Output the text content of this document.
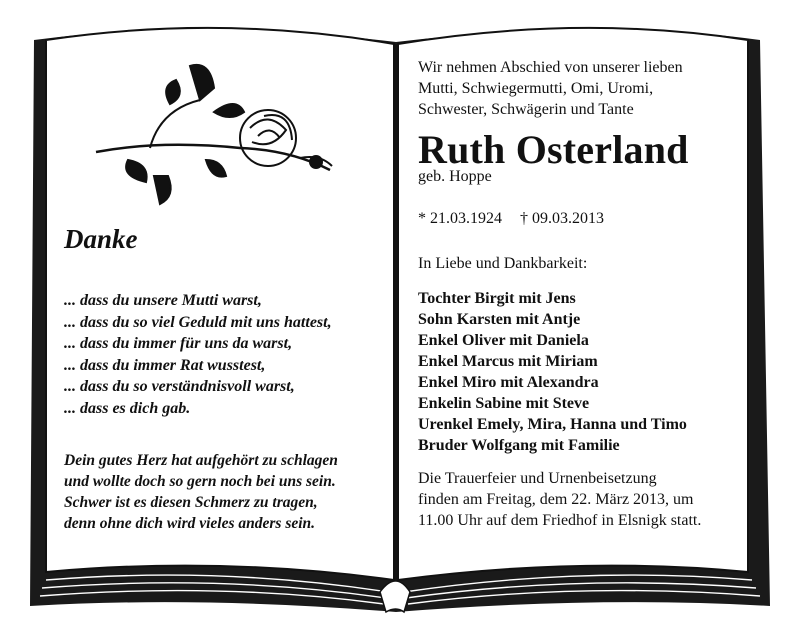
Danke
... dass du unsere Mutti warst,
... dass du so viel Geduld mit uns hattest,
... dass du immer für uns da warst,
... dass du immer Rat wusstest,
... dass du so verständnisvoll warst,
... dass es dich gab.
Dein gutes Herz hat aufgehört zu schlagen
und wollte doch so gern noch bei uns sein.
Schwer ist es diesen Schmerz zu tragen,
denn ohne dich wird vieles anders sein.
Wir nehmen Abschied von unserer lieben
Mutti, Schwiegermutti, Omi, Uromi,
Schwester, Schwägerin und Tante
Ruth Osterland
geb. Hoppe
* 21.03.1924 † 09.03.2013
In Liebe und Dankbarkeit:
Tochter Birgit mit Jens
Sohn Karsten mit Antje
Enkel Oliver mit Daniela
Enkel Marcus mit Miriam
Enkel Miro mit Alexandra
Enkelin Sabine mit Steve
Urenkel Emely, Mira, Hanna und Timo
Bruder Wolfgang mit Familie
Die Trauerfeier und Urnenbeisetzung
finden am Freitag, dem 22. März 2013, um
11.00 Uhr auf dem Friedhof in Elsnigk statt.
